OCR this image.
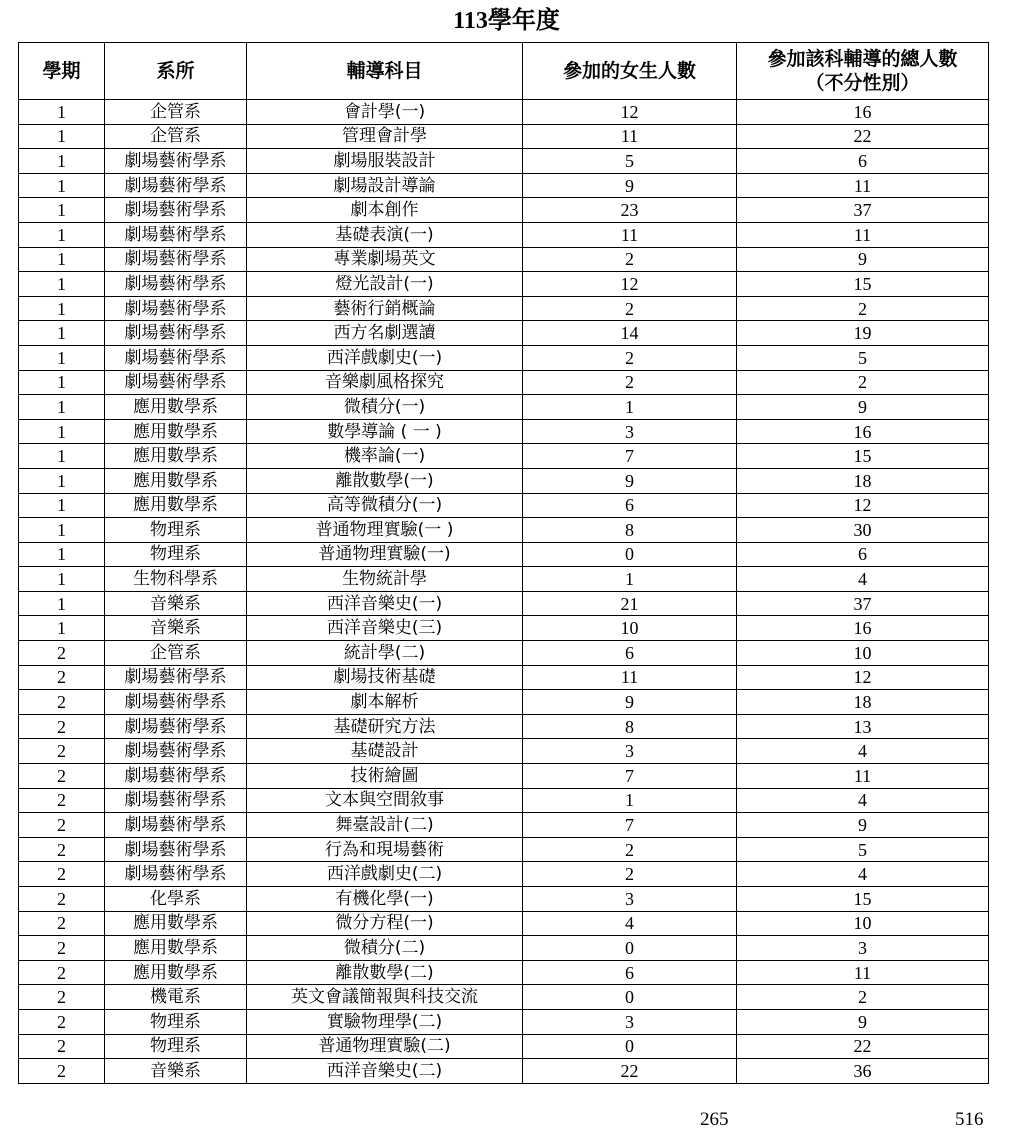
113學年度
學期	系所	輔導科目	參加的女生人數	參加該科輔導的總人數
（不分性別）

1	企管系	會計學(一)	12	16
1	企管系	管理會計學	11	22
1	劇場藝術學系	劇場服裝設計	5	6
1	劇場藝術學系	劇場設計導論	9	11
1	劇場藝術學系	劇本創作	23	37
1	劇場藝術學系	基礎表演(一)	11	11
1	劇場藝術學系	專業劇場英文	2	9
1	劇場藝術學系	燈光設計(一)	12	15
1	劇場藝術學系	藝術行銷概論	2	2
1	劇場藝術學系	西方名劇選讀	14	19
1	劇場藝術學系	西洋戲劇史(一)	2	5
1	劇場藝術學系	音樂劇風格探究	2	2
1	應用數學系	微積分(一)	1	9
1	應用數學系	數學導論 ( 一 )	3	16
1	應用數學系	機率論(一)	7	15
1	應用數學系	離散數學(一)	9	18
1	應用數學系	高等微積分(一)	6	12
1	物理系	普通物理實驗(一 )	8	30
1	物理系	普通物理實驗(一)	0	6
1	生物科學系	生物統計學	1	4
1	音樂系	西洋音樂史(一)	21	37
1	音樂系	西洋音樂史(三)	10	16
2	企管系	統計學(二)	6	10
2	劇場藝術學系	劇場技術基礎	11	12
2	劇場藝術學系	劇本解析	9	18
2	劇場藝術學系	基礎研究方法	8	13
2	劇場藝術學系	基礎設計	3	4
2	劇場藝術學系	技術繪圖	7	11
2	劇場藝術學系	文本與空間敘事	1	4
2	劇場藝術學系	舞臺設計(二)	7	9
2	劇場藝術學系	行為和現場藝術	2	5
2	劇場藝術學系	西洋戲劇史(二)	2	4
2	化學系	有機化學(一)	3	15
2	應用數學系	微分方程(一)	4	10
2	應用數學系	微積分(二)	0	3
2	應用數學系	離散數學(二)	6	11
2	機電系	英文會議簡報與科技交流	0	2
2	物理系	實驗物理學(二)	3	9
2	物理系	普通物理實驗(二)	0	22
2	音樂系	西洋音樂史(二)	22	36
265	516
